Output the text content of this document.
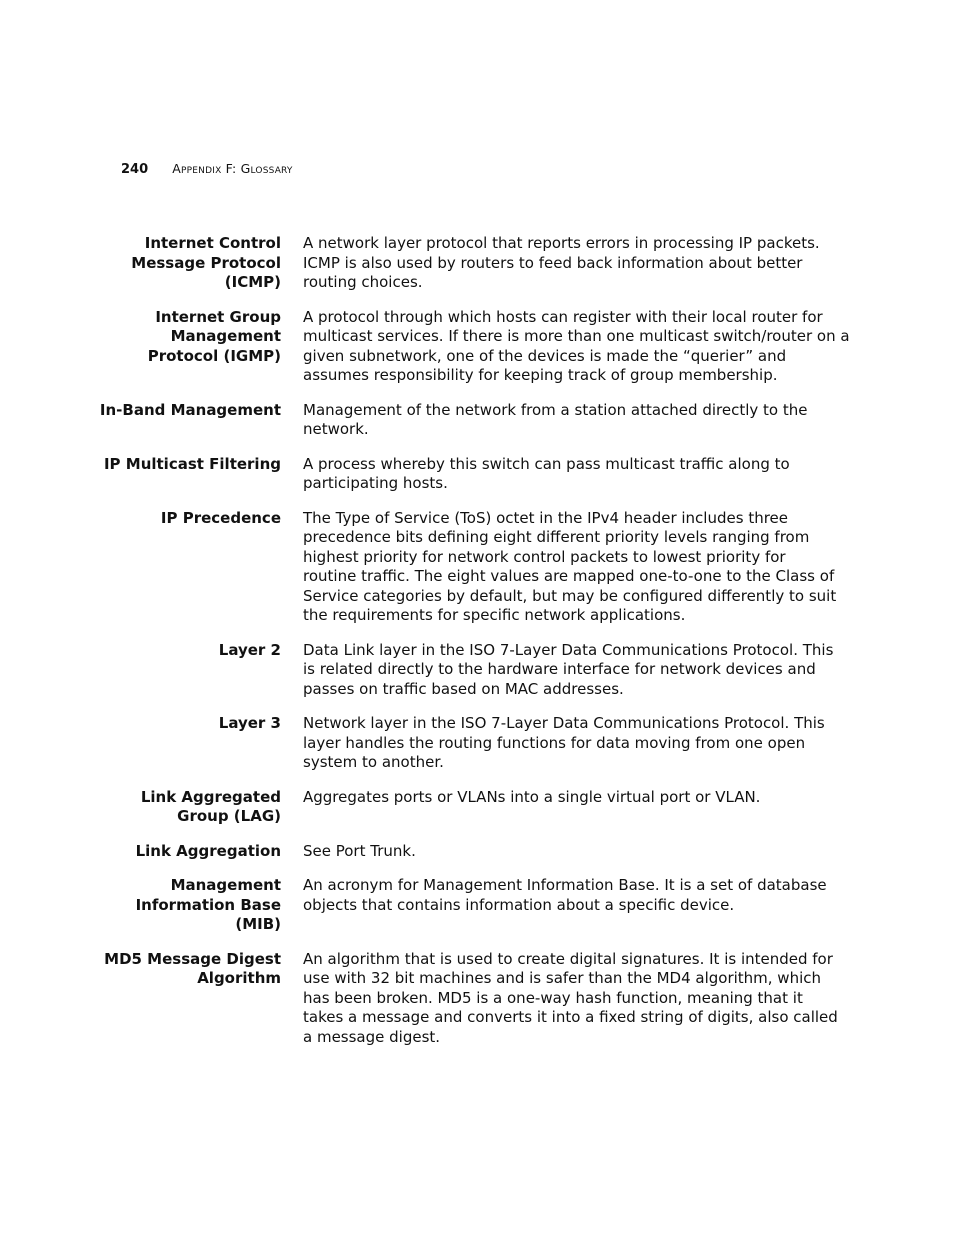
240 Appendix F: Glossary
Internet Control
Message Protocol
(ICMP)
A network layer protocol that reports errors in processing IP packets.
ICMP is also used by routers to feed back information about better
routing choices.
Internet Group
Management
Protocol (IGMP)
A protocol through which hosts can register with their local router for
multicast services. If there is more than one multicast switch/router on a
given subnetwork, one of the devices is made the “querier” and
assumes responsibility for keeping track of group membership.
In-Band Management Management of the network from a station attached directly to the
network.
IP Multicast Filtering A process whereby this switch can pass multicast traffic along to
participating hosts.
IP Precedence The Type of Service (ToS) octet in the IPv4 header includes three
precedence bits defining eight different priority levels ranging from
highest priority for network control packets to lowest priority for
routine traffic. The eight values are mapped one-to-one to the Class of
Service categories by default, but may be configured differently to suit
the requirements for specific network applications.
Layer 2 Data Link layer in the ISO 7-Layer Data Communications Protocol. This
is related directly to the hardware interface for network devices and
passes on traffic based on MAC addresses.
Layer 3 Network layer in the ISO 7-Layer Data Communications Protocol. This
layer handles the routing functions for data moving from one open
system to another.
Link Aggregated
Group (LAG)
Aggregates ports or VLANs into a single virtual port or VLAN.
Link Aggregation See Port Trunk.
Management
Information Base
(MIB)
An acronym for Management Information Base. It is a set of database
objects that contains information about a specific device.
MD5 Message Digest
Algorithm
An algorithm that is used to create digital signatures. It is intended for
use with 32 bit machines and is safer than the MD4 algorithm, which
has been broken. MD5 is a one-way hash function, meaning that it
takes a message and converts it into a fixed string of digits, also called
a message digest.
